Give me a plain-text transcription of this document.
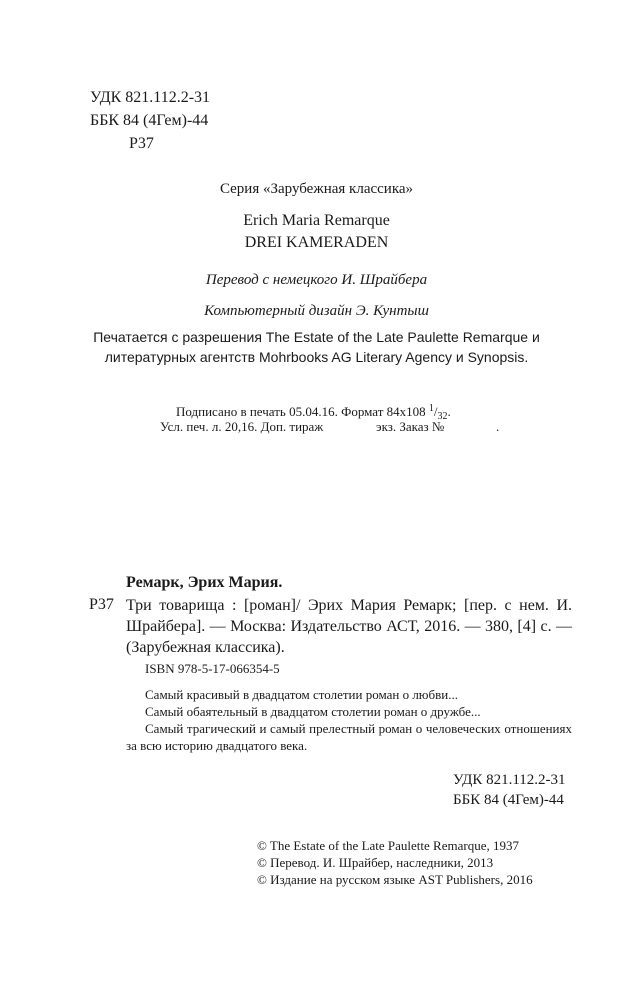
УДК 821.112.2-31
ББК 84 (4Гем)-44
Р37
Серия «Зарубежная классика»
Erich Maria Remarque
DREI KAMERADEN
Перевод с немецкого И. Шрайбера
Компьютерный дизайн Э. Кунтыш
Печатается с разрешения The Estate of the Late Paulette Remarque и
литературных агентств Mohrbooks AG Literary Agency и Synopsis.
Подписано в печать 05.04.16. Формат 84х108 $^1/_{32}$.
Усл. печ. л. 20,16. Доп. тираж	экз. Заказ №	.
Ремарк, Эрих Мария.
Р37 Три товарища : [роман]/ Эрих Мария Ремарк; [пер. с нем. И. Шрайбера]. — Москва: Издательство АСТ, 2016. — 380, [4] с. — (Зарубежная классика).
ISBN 978-5-17-066354-5
Самый красивый в двадцатом столетии роман о любви...
Самый обаятельный в двадцатом столетии роман о дружбе...
Самый трагический и самый прелестный роман о человеческих отношениях за всю историю двадцатого века.
УДК 821.112.2-31
ББК 84 (4Гем)-44
© The Estate of the Late Paulette Remarque, 1937
© Перевод. И. Шрайбер, наследники, 2013
© Издание на русском языке AST Publishers, 2016
